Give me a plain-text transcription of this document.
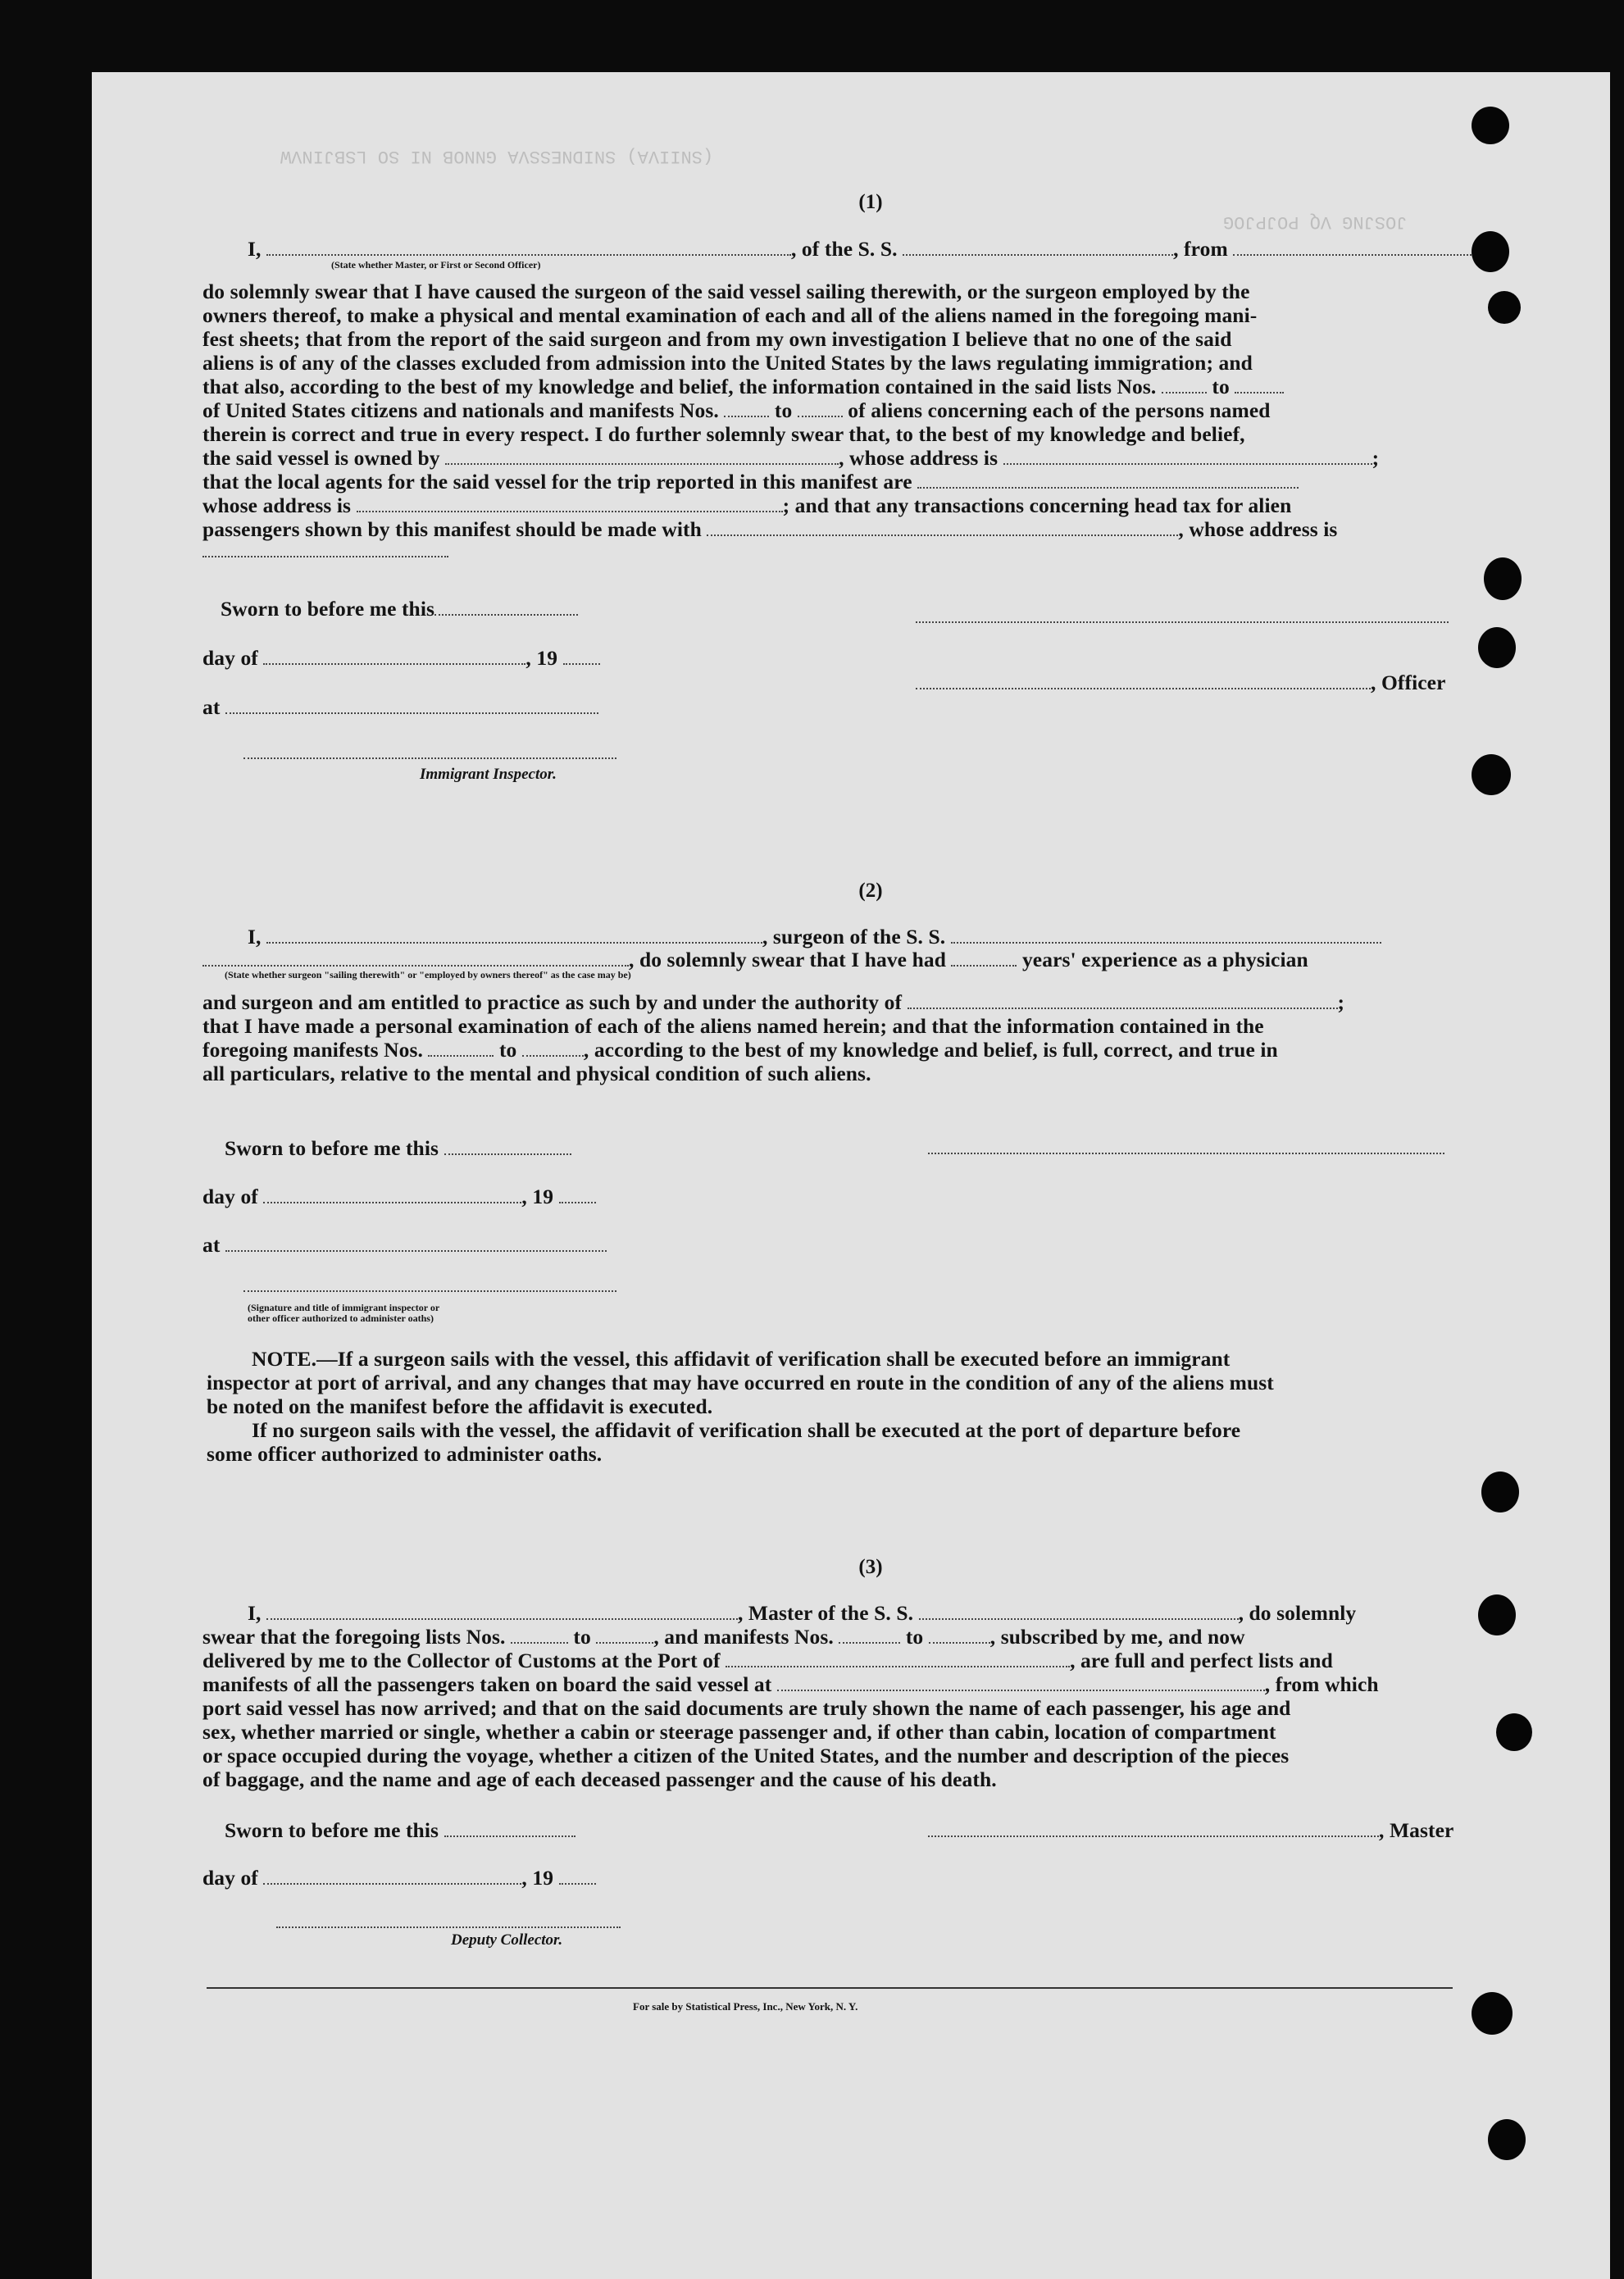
(SNIIVA) SNIDNESSVA GNNOB NI SO LSBJINVW
JOSJNG VQ POJPJOG
(1)
I,	, of the S. S.	, from
(State whether Master, or First or Second Officer)
do solemnly swear that I have caused the surgeon of the said vessel sailing therewith, or the surgeon employed by the
owners thereof, to make a physical and mental examination of each and all of the aliens named in the foregoing mani-
fest sheets; that from the report of the said surgeon and from my own investigation I believe that no one of the said
aliens is of any of the classes excluded from admission into the United States by the laws regulating immigration; and
that also, according to the best of my knowledge and belief, the information contained in the said lists Nos.	to
of United States citizens and nationals and manifests Nos.	to	of aliens concerning each of the persons named
therein is correct and true in every respect. I do further solemnly swear that, to the best of my knowledge and belief,
the said vessel is owned by	, whose address is	;
that the local agents for the said vessel for the trip reported in this manifest are
whose address is	; and that any transactions concerning head tax for alien
passengers shown by this manifest should be made with	, whose address is
Sworn to before me this
day of	, 19
at
Immigrant Inspector.
, Officer
(2)
I,	, surgeon of the S. S.
, do solemnly swear that I have had	years' experience as a physician
(State whether surgeon "sailing therewith" or "employed by owners thereof" as the case may be)
and surgeon and am entitled to practice as such by and under the authority of	;
that I have made a personal examination of each of the aliens named herein; and that the information contained in the
foregoing manifests Nos.	to	, according to the best of my knowledge and belief, is full, correct, and true in
all particulars, relative to the mental and physical condition of such aliens.
Sworn to before me this
day of	, 19
at
(Signature and title of immigrant inspector or
other officer authorized to administer oaths)
NOTE.—If a surgeon sails with the vessel, this affidavit of verification shall be executed before an immigrant
inspector at port of arrival, and any changes that may have occurred en route in the condition of any of the aliens must
be noted on the manifest before the affidavit is executed.
If no surgeon sails with the vessel, the affidavit of verification shall be executed at the port of departure before
some officer authorized to administer oaths.
(3)
I,	, Master of the S. S.	, do solemnly
swear that the foregoing lists Nos.	to	, and manifests Nos.	to	, subscribed by me, and now
delivered by me to the Collector of Customs at the Port of	, are full and perfect lists and
manifests of all the passengers taken on board the said vessel at	, from which
port said vessel has now arrived; and that on the said documents are truly shown the name of each passenger, his age and
sex, whether married or single, whether a cabin or steerage passenger and, if other than cabin, location of compartment
or space occupied during the voyage, whether a citizen of the United States, and the number and description of the pieces
of baggage, and the name and age of each deceased passenger and the cause of his death.
Sworn to before me this	, Master
day of	, 19
Deputy Collector.
For sale by Statistical Press, Inc., New York, N. Y.
